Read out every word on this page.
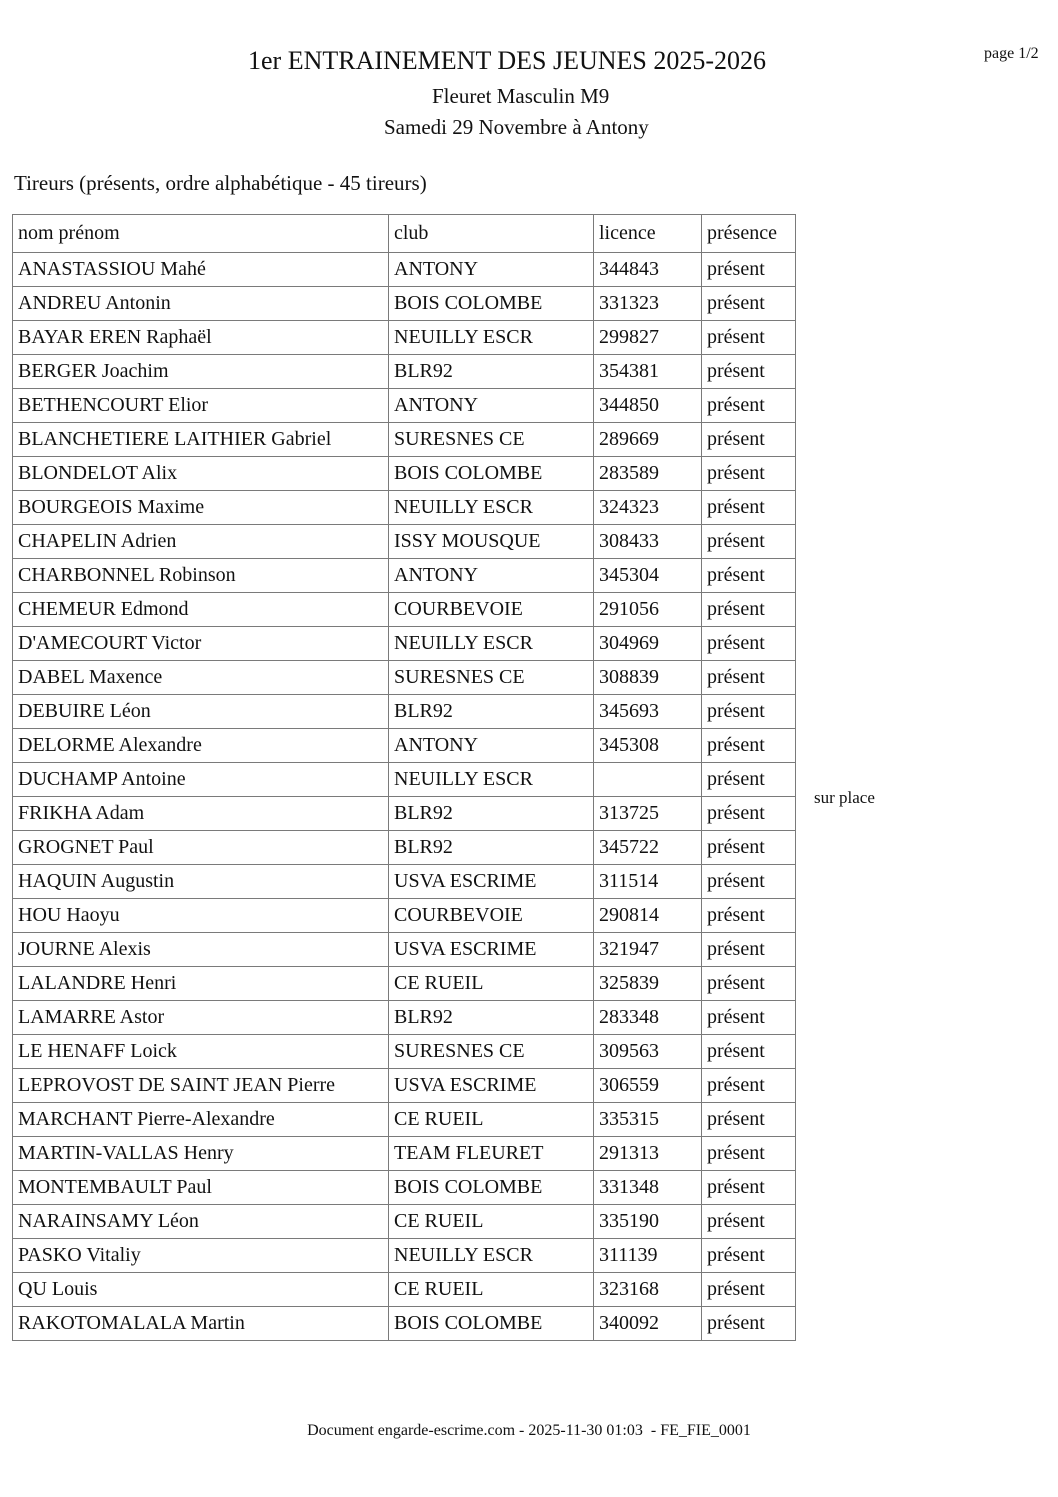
page 1/2
1er ENTRAINEMENT DES JEUNES 2025-2026
Fleuret Masculin M9
Samedi 29 Novembre à Antony
Tireurs (présents, ordre alphabétique - 45 tireurs)
nom prénom	club	licence	présence
ANASTASSIOU Mahé	ANTONY	344843	présent
ANDREU Antonin	BOIS COLOMBE	331323	présent
BAYAR EREN Raphaël	NEUILLY ESCR	299827	présent
BERGER Joachim	BLR92	354381	présent
BETHENCOURT Elior	ANTONY	344850	présent
BLANCHETIERE LAITHIER Gabriel	SURESNES CE	289669	présent
BLONDELOT Alix	BOIS COLOMBE	283589	présent
BOURGEOIS Maxime	NEUILLY ESCR	324323	présent
CHAPELIN Adrien	ISSY MOUSQUE	308433	présent
CHARBONNEL Robinson	ANTONY	345304	présent
CHEMEUR Edmond	COURBEVOIE	291056	présent
D'AMECOURT Victor	NEUILLY ESCR	304969	présent
DABEL Maxence	SURESNES CE	308839	présent
DEBUIRE Léon	BLR92	345693	présent
DELORME Alexandre	ANTONY	345308	présent
DUCHAMP Antoine	NEUILLY ESCR		présent
FRIKHA Adam	BLR92	313725	présent
GROGNET Paul	BLR92	345722	présent
HAQUIN Augustin	USVA ESCRIME	311514	présent
HOU Haoyu	COURBEVOIE	290814	présent
JOURNE Alexis	USVA ESCRIME	321947	présent
LALANDRE Henri	CE RUEIL	325839	présent
LAMARRE Astor	BLR92	283348	présent
LE HENAFF Loick	SURESNES CE	309563	présent
LEPROVOST DE SAINT JEAN Pierre	USVA ESCRIME	306559	présent
MARCHANT Pierre-Alexandre	CE RUEIL	335315	présent
MARTIN-VALLAS Henry	TEAM FLEURET	291313	présent
MONTEMBAULT Paul	BOIS COLOMBE	331348	présent
NARAINSAMY Léon	CE RUEIL	335190	présent
PASKO Vitaliy	NEUILLY ESCR	311139	présent
QU Louis	CE RUEIL	323168	présent
RAKOTOMALALA Martin	BOIS COLOMBE	340092	présent
sur place
Document engarde-escrime.com - 2025-11-30 01:03  - FE_FIE_0001
